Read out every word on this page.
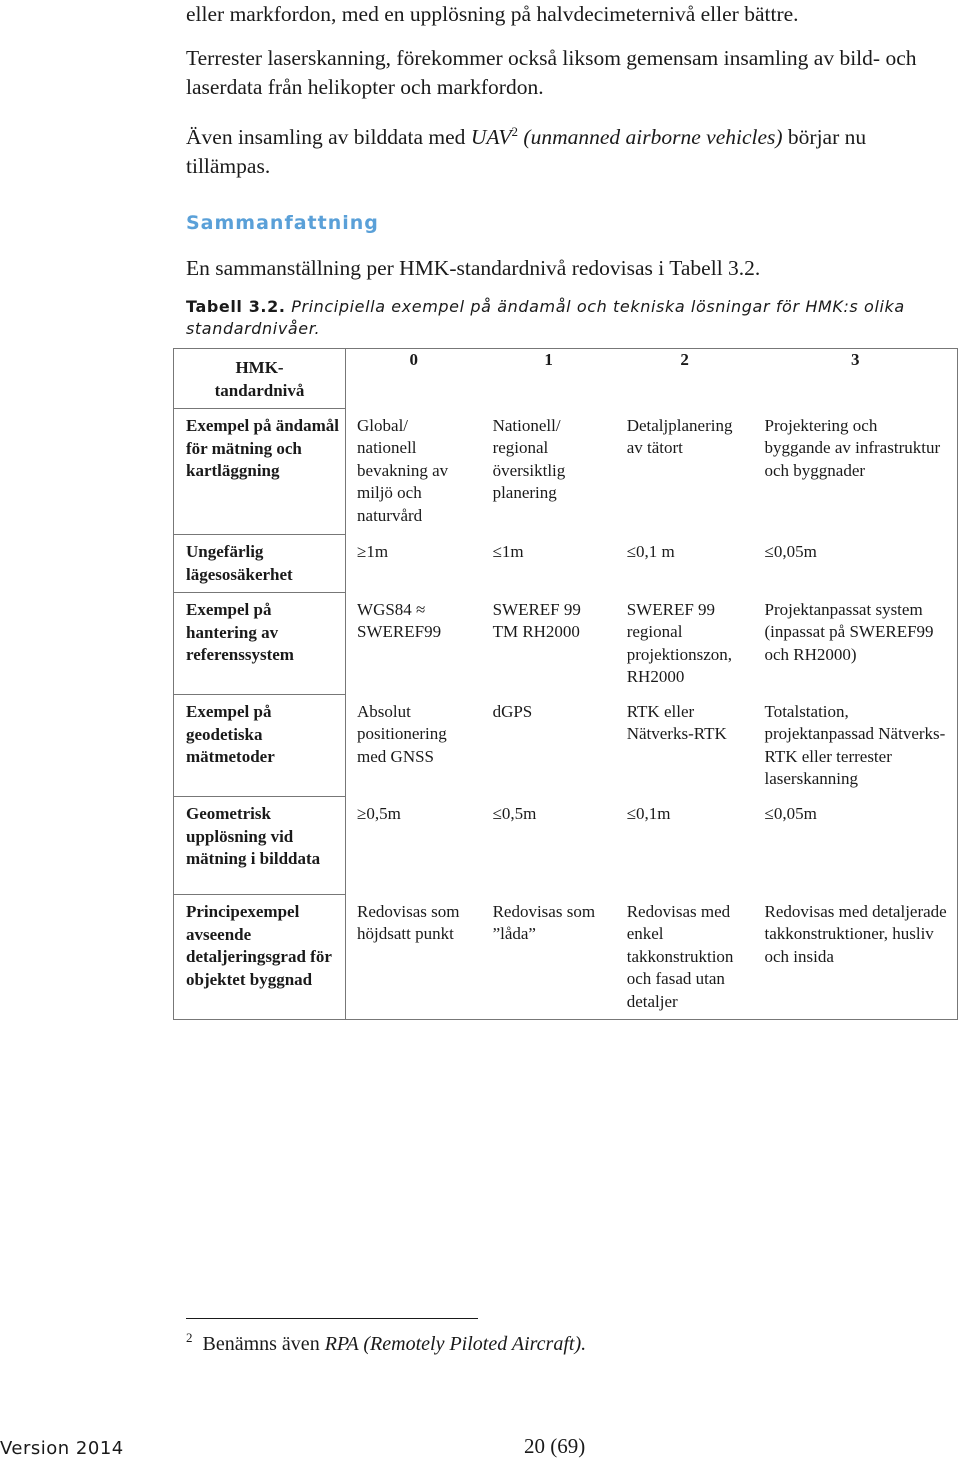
eller markfordon, med en upplösning på halvdecimeternivå eller bättre.

Terrester laserskanning, förekommer också liksom gemensam insamling av bild- och laserdata från helikopter och markfordon.

Även insamling av bilddata med UAV$^2$ (unmanned airborne vehicles) börjar nu tillämpas.

Sammanfattning
En sammanställning per HMK-standardnivå redovisas i Tabell 3.2.
Tabell 3.2. Principiella exempel på ändamål och tekniska lösningar för HMK:s olika standardnivåer.
HMK-tandardnivå	0	1	2	3
Exempel på ändamål för mätning och kartläggning	Global/ nationell bevakning av miljö och naturvård	Nationell/ regional översiktlig planering	Detaljplanering av tätort	Projektering och byggande av infrastruktur och byggnader

Ungefärlig lägesosäkerhet	≥1m	≤1m	≤0,1 m	≤0,05m

Exempel på hantering av referenssystem	WGS84 ≈ SWEREF99	SWEREF 99 TM RH2000	SWEREF 99 regional projektionszon, RH2000	Projektanpassat system (inpassat på SWEREF99 och RH2000)

Exempel på geodetiska mätmetoder	Absolut positionering med GNSS	dGPS	RTK eller Nätverks-RTK	Totalstation, projektanpassad Nätverks-RTK eller terrester laserskanning

Geometrisk upplösning vid mätning i bilddata	≥0,5m	≤0,5m	≤0,1m	≤0,05m

Principexempel avseende detaljeringsgrad för objektet byggnad	Redovisas som höjdsatt punkt	Redovisas som ”låda”	Redovisas med enkel takkonstruktion och fasad utan detaljer	Redovisas med detaljerade takkonstruktioner, husliv och insida
$^2$ Benämns även RPA (Remotely Piloted Aircraft).
Version 2014	20 (69)
